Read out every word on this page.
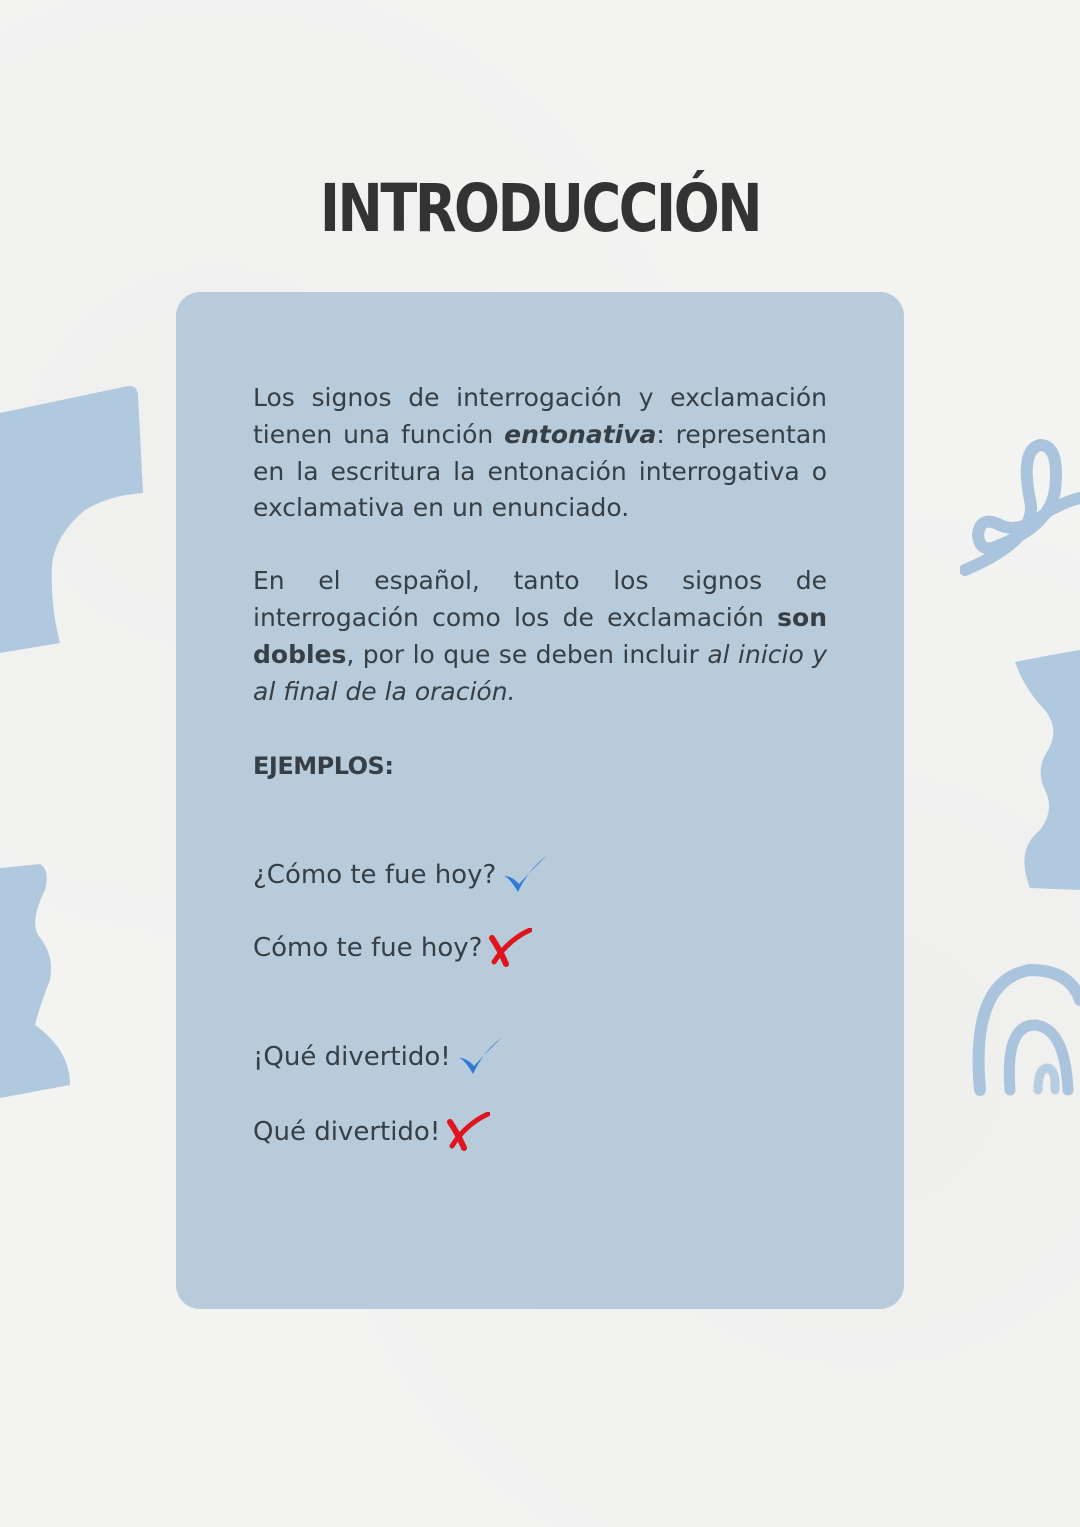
INTRODUCCIÓN

Los signos de interrogación y exclamación tienen una función entonativa: representan en la escritura la entonación interrogativa o exclamativa en un enunciado.

En el español, tanto los signos de interrogación como los de exclamación son dobles, por lo que se deben incluir al inicio y al final de la oración.

EJEMPLOS:
¿Cómo te fue hoy?
Cómo te fue hoy?
¡Qué divertido!
Qué divertido!
